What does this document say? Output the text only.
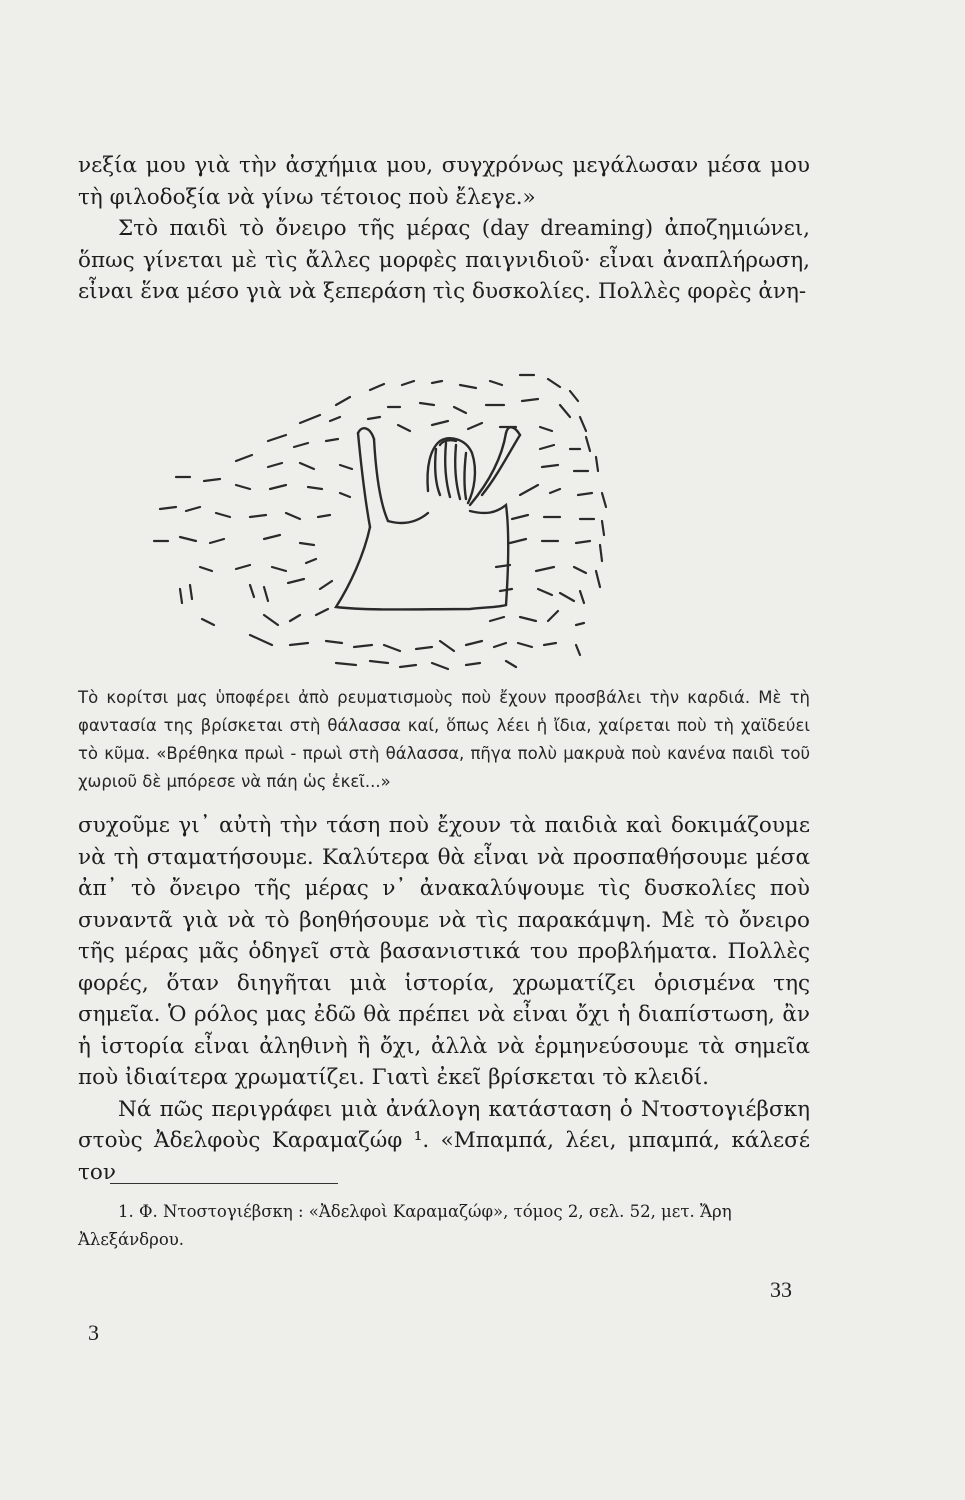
νεξία μου γιὰ τὴν ἀσχήμια μου, συγχρόνως μεγάλωσαν μέσα μου τὴ φιλοδοξία νὰ γίνω τέτοιος ποὺ ἔλεγε.»

Στὸ παιδὶ τὸ ὄνειρο τῆς μέρας (day dreaming) ἀποζημιώνει, ὅπως γίνεται μὲ τὶς ἄλλες μορφὲς παιγνιδιοῦ· εἶναι ἀναπλήρωση, εἶναι ἕνα μέσο γιὰ νὰ ξεπεράση τὶς δυσκολίες. Πολλὲς φορὲς ἀνη-

Τὸ κορίτσι μας ὑποφέρει ἀπὸ ρευματισμοὺς ποὺ ἔχουν προσβάλει τὴν καρδιά. Μὲ τὴ φαντασία της βρίσκεται στὴ θάλασσα καί, ὅπως λέει ἡ ἴδια, χαίρεται ποὺ τὴ χαϊδεύει τὸ κῦμα. «Βρέθηκα πρωὶ - πρωὶ στὴ θάλασσα, πῆγα πολὺ μακρυὰ ποὺ κανένα παιδὶ τοῦ χωριοῦ δὲ μπόρεσε νὰ πάη ὡς ἐκεῖ...»

συχοῦμε γι᾿ αὐτὴ τὴν τάση ποὺ ἔχουν τὰ παιδιὰ καὶ δοκιμάζουμε νὰ τὴ σταματήσουμε. Καλύτερα θὰ εἶναι νὰ προσπαθήσουμε μέσα ἀπ᾿ τὸ ὄνειρο τῆς μέρας ν᾿ ἀνακαλύψουμε τὶς δυσκολίες ποὺ συναντᾶ γιὰ νὰ τὸ βοηθήσουμε νὰ τὶς παρακάμψη. Μὲ τὸ ὄνειρο τῆς μέρας μᾶς ὁδηγεῖ στὰ βασανιστικά του προβλήματα. Πολλὲς φορές, ὅταν διηγῆται μιὰ ἱστορία, χρωματίζει ὁρισμένα της σημεῖα. Ὁ ρόλος μας ἐδῶ θὰ πρέπει νὰ εἶναι ὄχι ἡ διαπίστωση, ἂν ἡ ἱστορία εἶναι ἀληθινὴ ἢ ὄχι, ἀλλὰ νὰ ἑρμηνεύσουμε τὰ σημεῖα ποὺ ἰδιαίτερα χρωματίζει. Γιατὶ ἐκεῖ βρίσκεται τὸ κλειδί.

Νά πῶς περιγράφει μιὰ ἀνάλογη κατάσταση ὁ Ντοστογιέβσκη στοὺς Ἀδελφοὺς Καραμαζώφ ¹. «Μπαμπά, λέει, μπαμπά, κάλεσέ τον

1. Φ. Ντοστογιέβσκη : «Ἀδελφοὶ Καραμαζώφ», τόμος 2, σελ. 52, μετ. Ἄρη Ἀλεξάνδρου.

33
3
